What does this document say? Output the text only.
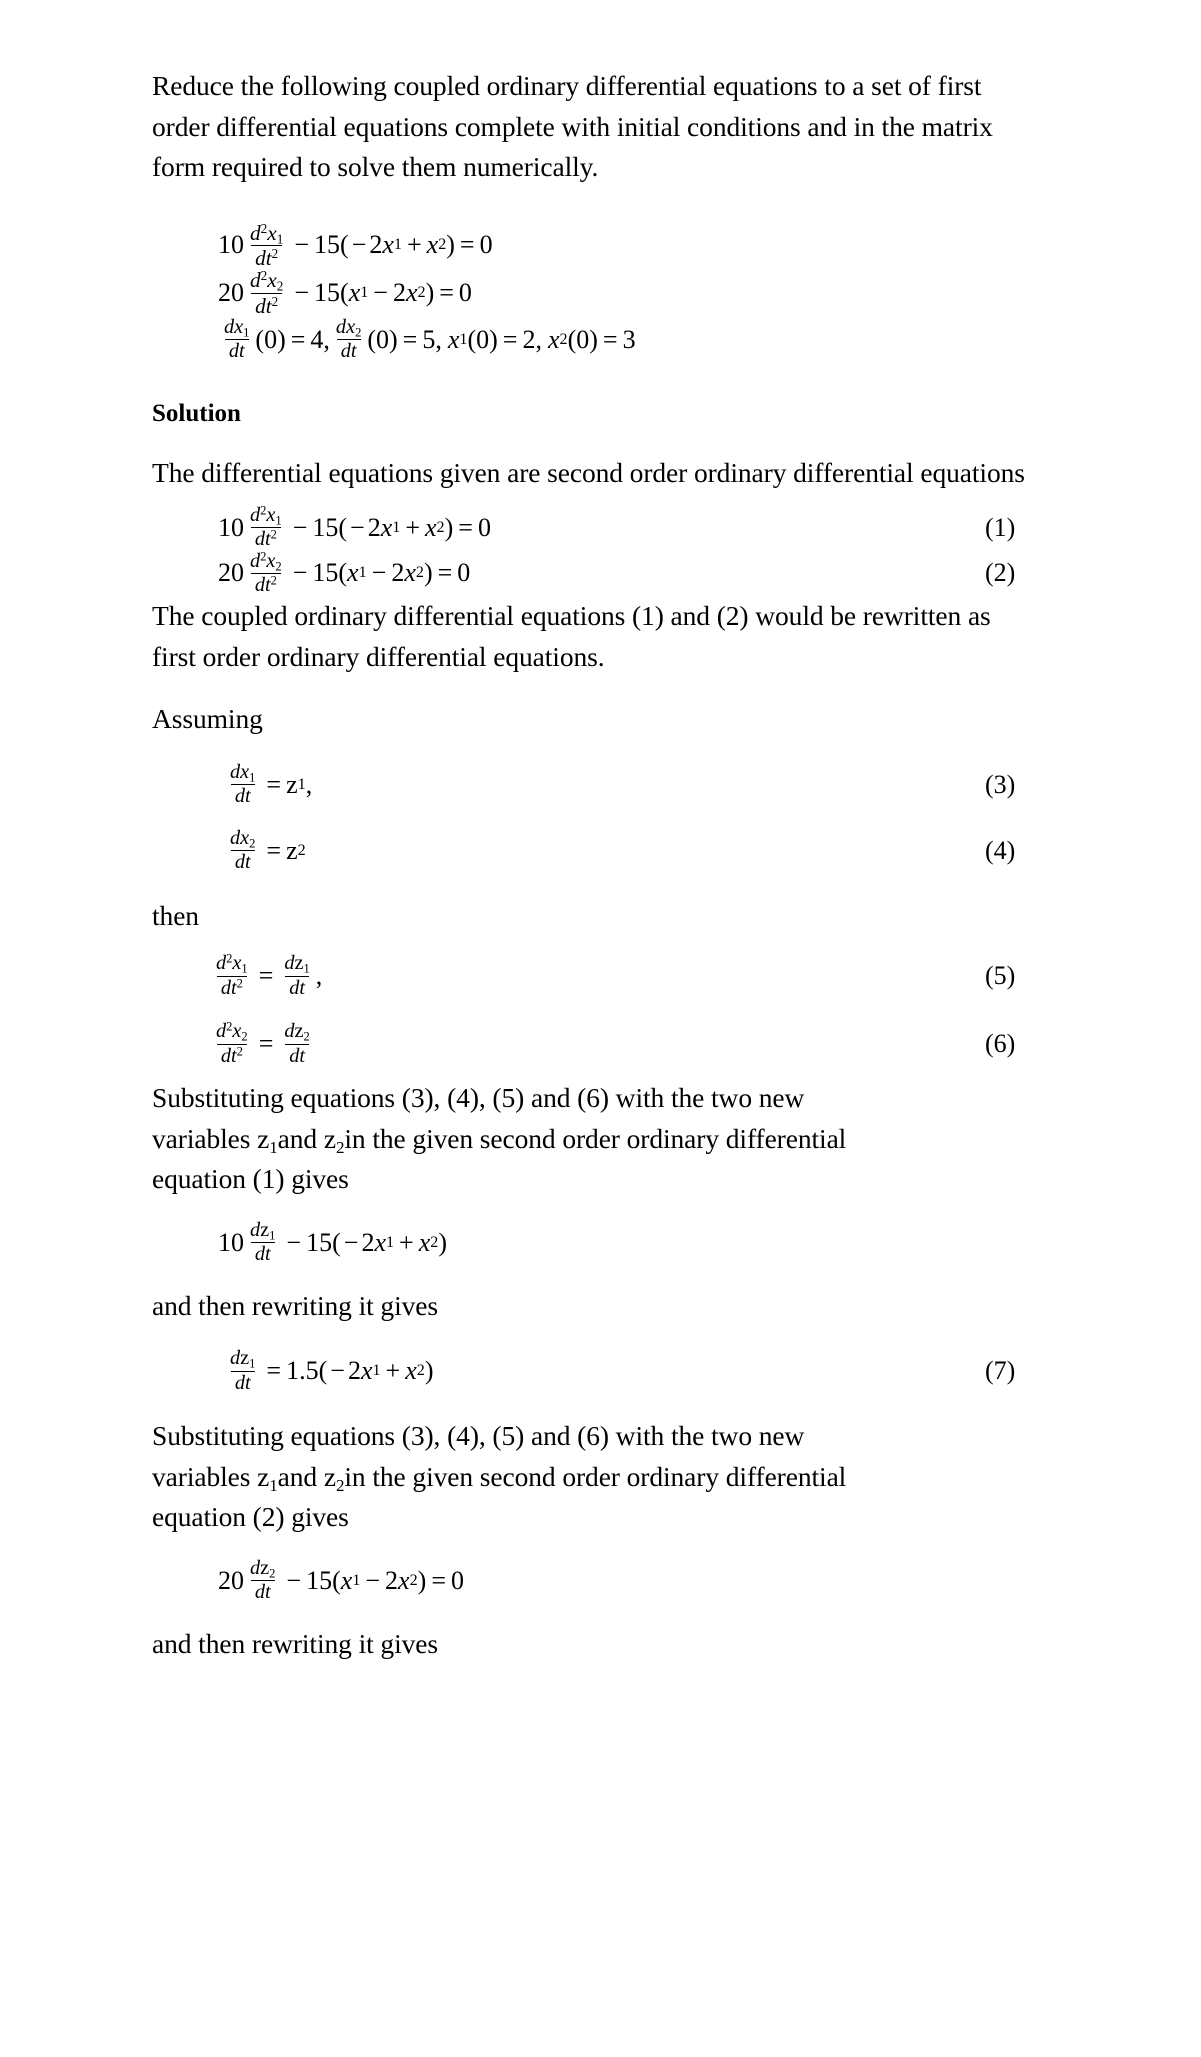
Reduce the following coupled ordinary differential equations to a set of first order differential equations complete with initial conditions and in the matrix form required to solve them numerically.

$10 \frac{d^2x_1}{dt^2} - 15$ ( − 2 x 1 + x 2 ) = 0
$20 \frac{d^2x_2}{dt^2} - 15$ ( x 1 − 2 x 2 ) = 0
$\frac{dx_1}{dt} (0) = 4$ , $\frac{dx_2}{dt} (0) = 5$ , x 1 (0) = 2 , x 2 (0) = 3
Solution

The differential equations given are second order ordinary differential equations

$10 \frac{d^2x_1}{dt^2} - 15$ ( − 2 x 1 + x 2 ) = 0	(1)
$20 \frac{d^2x_2}{dt^2} - 15$ ( x 1 − 2 x 2 ) = 0	(2)

The coupled ordinary differential equations (1) and (2) would be rewritten as first order ordinary differential equations.

Assuming

$\frac{dx_1}{dt} = z$ 1 ,	(3)
$\frac{dx_2}{dt} = z$ 2	(4)

then

$\frac{d^2x_1}{dt^2} = \frac{dz_1}{dt}$ ,	(5)
$\frac{d^2x_2}{dt^2} = \frac{dz_2}{dt}$	(6)
Substituting equations (3), (4), (5) and (6) with the two new
variables $z_1and$ $z_2in$ the given second order ordinary differential
equation (1) gives
$10 \frac{dz_1}{dt} - 15$ ( − 2 x 1 + x 2 )

and then rewriting it gives

$\frac{dz_1}{dt} = 1.5$ ( − 2 x 1 + x 2 )	(7)
Substituting equations (3), (4), (5) and (6) with the two new
variables $z_1and$ $z_2in$ the given second order ordinary differential
equation (2) gives
$20 \frac{dz_2}{dt} - 15$ ( x 1 − 2 x 2 ) = 0

and then rewriting it gives
